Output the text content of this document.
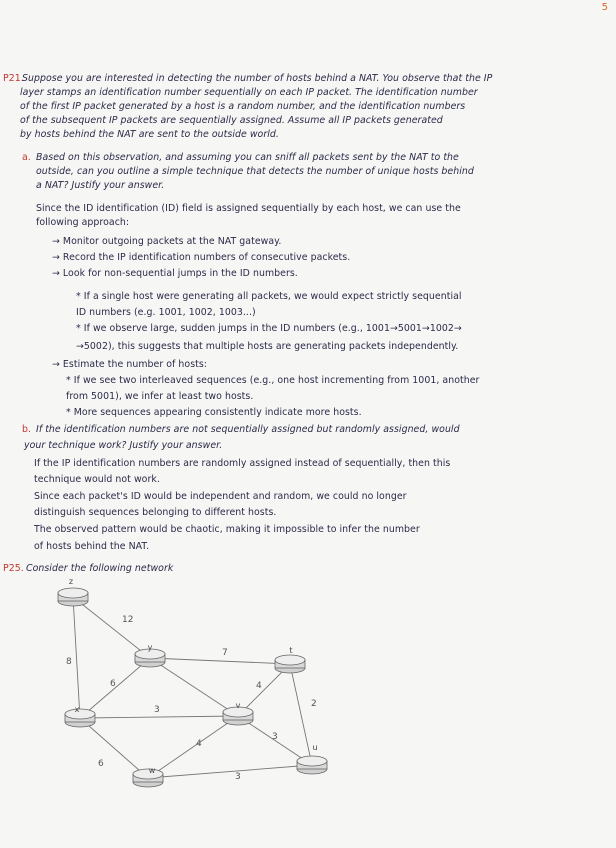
5
P21.
Suppose you are interested in detecting the number of hosts behind a NAT. You observe that the IP
layer stamps an identification number sequentially on each IP packet. The identification number
of the first IP packet generated by a host is a random number, and the identification numbers
of the subsequent IP packets are sequentially assigned. Assume all IP packets generated
by hosts behind the NAT are sent to the outside world.
a. Based on this observation, and assuming you can sniff all packets sent by the NAT to the
outside, can you outline a simple technique that detects the number of unique hosts behind
a NAT? Justify your answer.
Since the ID identification (ID) field is assigned sequentially by each host, we can use the
following approach:
→ Monitor outgoing packets at the NAT gateway.
→ Record the IP identification numbers of consecutive packets.
→ Look for non-sequential jumps in the ID numbers.
* If a single host were generating all packets, we would expect strictly sequential
ID numbers (e.g. 1001, 1002, 1003...)
* If we observe large, sudden jumps in the ID numbers (e.g., 1001→5001→1002→
→5002), this suggests that multiple hosts are generating packets independently.
→ Estimate the number of hosts:
* If we see two interleaved sequences (e.g., one host incrementing from 1001, another
from 5001), we infer at least two hosts.
* More sequences appearing consistently indicate more hosts.
b. If the identification numbers are not sequentially assigned but randomly assigned, would
your technique work? Justify your answer.
If the IP identification numbers are randomly assigned instead of sequentially, then this
technique would not work.
Since each packet's ID would be independent and random, we could no longer
distinguish sequences belonging to different hosts.
The observed pattern would be chaotic, making it impossible to infer the number
of hosts behind the NAT.
P25. Consider the following network
12
8
6
7
3
6
4
4
3
2
3
z
y	t
x	v
u
w
